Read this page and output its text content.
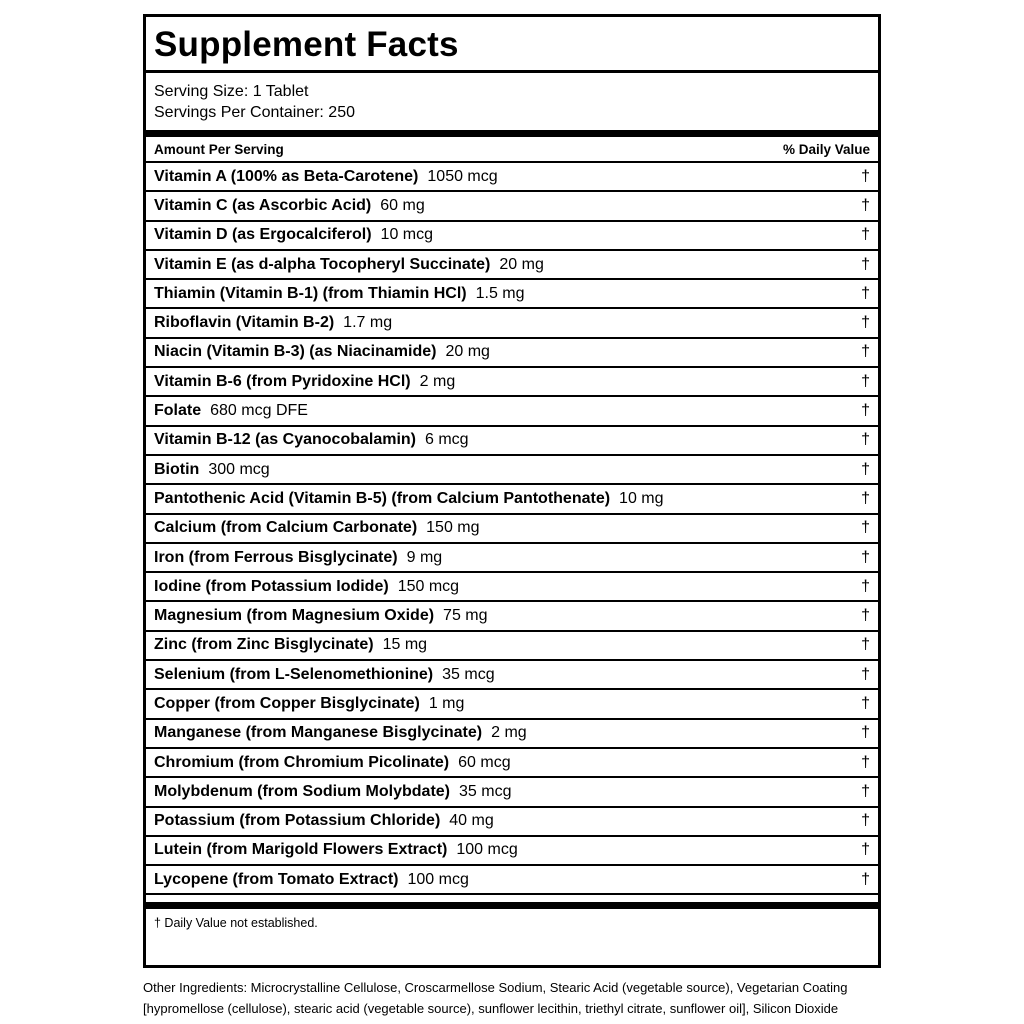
Supplement Facts
Serving Size: 1 Tablet
Servings Per Container: 250
Amount Per Serving	% Daily Value
Vitamin A (100% as Beta-Carotene) 1050 mcg	†
Vitamin C (as Ascorbic Acid) 60 mg	†
Vitamin D (as Ergocalciferol) 10 mcg	†
Vitamin E (as d-alpha Tocopheryl Succinate) 20 mg	†
Thiamin (Vitamin B-1) (from Thiamin HCl) 1.5 mg	†
Riboflavin (Vitamin B-2) 1.7 mg	†
Niacin (Vitamin B-3) (as Niacinamide) 20 mg	†
Vitamin B-6 (from Pyridoxine HCl) 2 mg	†
Folate 680 mcg DFE	†
Vitamin B-12 (as Cyanocobalamin) 6 mcg	†
Biotin 300 mcg	†
Pantothenic Acid (Vitamin B-5) (from Calcium Pantothenate) 10 mg	†
Calcium (from Calcium Carbonate) 150 mg	†
Iron (from Ferrous Bisglycinate) 9 mg	†
Iodine (from Potassium Iodide) 150 mcg	†
Magnesium (from Magnesium Oxide) 75 mg	†
Zinc (from Zinc Bisglycinate) 15 mg	†
Selenium (from L-Selenomethionine) 35 mcg	†
Copper (from Copper Bisglycinate) 1 mg	†
Manganese (from Manganese Bisglycinate) 2 mg	†
Chromium (from Chromium Picolinate) 60 mcg	†
Molybdenum (from Sodium Molybdate) 35 mcg	†
Potassium (from Potassium Chloride) 40 mg	†
Lutein (from Marigold Flowers Extract) 100 mcg	†
Lycopene (from Tomato Extract) 100 mcg	†
† Daily Value not established.
Other Ingredients: Microcrystalline Cellulose, Croscarmellose Sodium, Stearic Acid (vegetable source), Vegetarian Coating [hypromellose (cellulose), stearic acid (vegetable source), sunflower lecithin, triethyl citrate, sunflower oil], Silicon Dioxide
